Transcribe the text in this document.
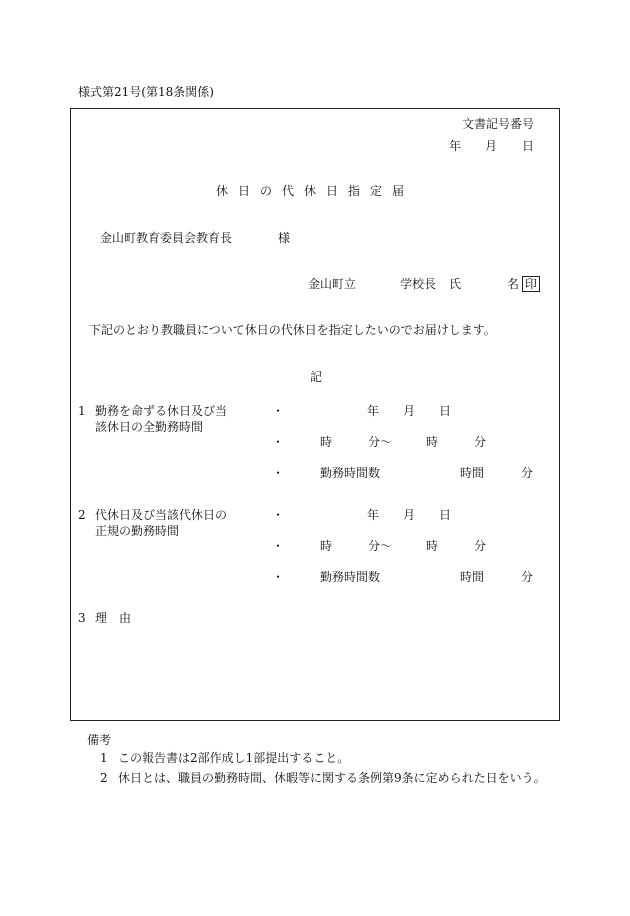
様式第21号(第18条関係)
文書記号番号
年 月 日
休日の代休日指定届
金山町教育委員会教育長	様
金山町立	学校長 氏	名 印
下記のとおり教職員について休日の代休日を指定したいのでお届けします。
記
1 勤務を命ずる休日及び当
該休日の全勤務時間
・	年 月 日
・	時	分〜	時	分
・	勤務時間数	時間	分
2 代休日及び当該代休日の
正規の勤務時間
・	年 月 日
・	時	分〜	時	分
・	勤務時間数	時間	分
3 理　由
備考
1 この報告書は2部作成し1部提出すること。
2 休日とは、職員の勤務時間、休暇等に関する条例第9条に定められた日をいう。
